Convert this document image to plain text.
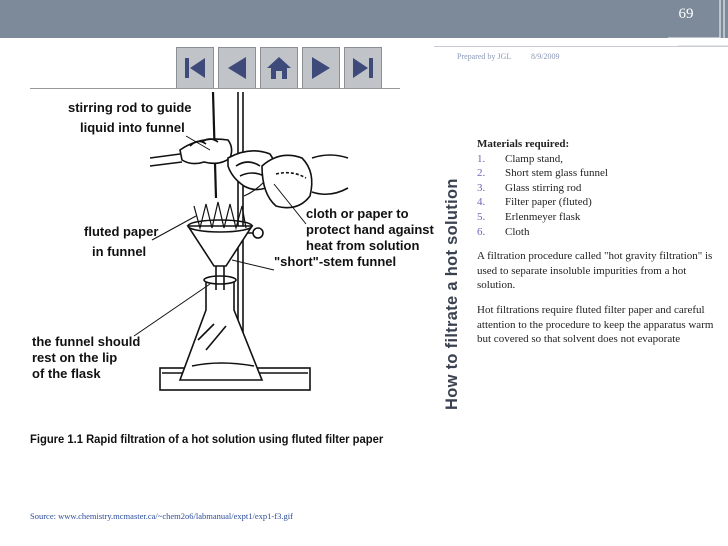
69
Prepared by JGL 8/9/2009
stirring rod to guide
liquid into funnel
fluted paper
in funnel
cloth or paper to
protect hand against
heat from solution
"short"-stem funnel
the funnel should
rest on the lip
of the flask
Figure 1.1 Rapid filtration of a hot solution using fluted filter paper
Source: www.chemistry.mcmaster.ca/~chem2o6/labmanual/expt1/exp1-f3.gif
How to filtrate a hot solution
Materials required:
1.	Clamp stand,
2.	Short stem glass funnel
3.	Glass stirring rod
4.	Filter paper (fluted)
5.	Erlenmeyer flask
6.	Cloth

A filtration procedure called "hot gravity filtration" is used to separate insoluble impurities from a hot solution.

Hot filtrations require fluted filter paper and careful attention to the procedure to keep the apparatus warm but covered so that solvent does not evaporate
